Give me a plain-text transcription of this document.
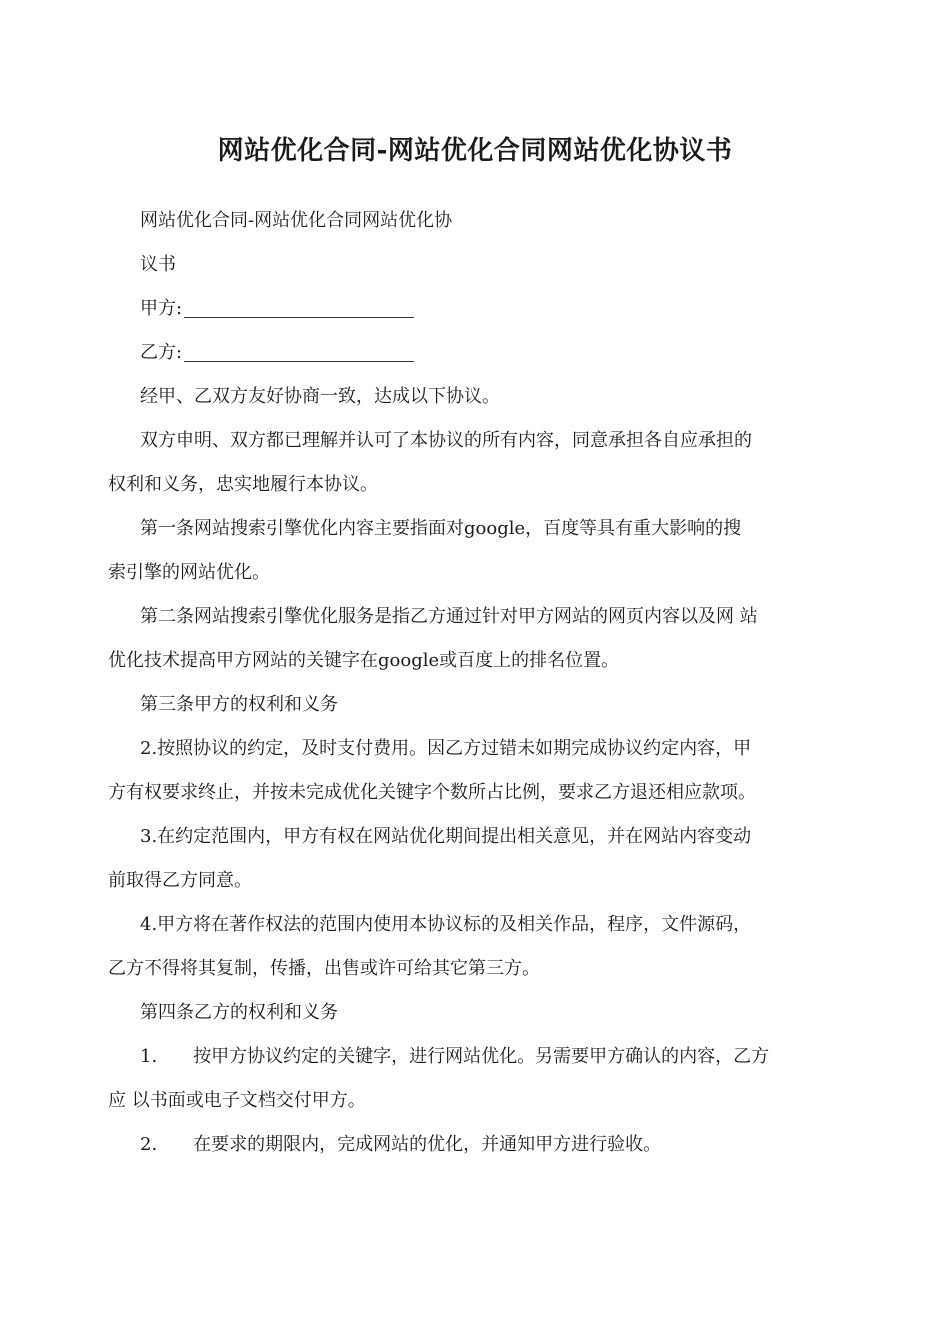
网站优化合同-网站优化合同网站优化协议书
网站优化合同-网站优化合同网站优化协
议书
甲方:
乙方:
经甲、乙双方友好协商一致，达成以下协议。
双方申明、双方都已理解并认可了本协议的所有内容，同意承担各自应承担的
权利和义务，忠实地履行本协议。
第一条网站搜索引擎优化内容主要指面对google，百度等具有重大影响的搜
索引擎的网站优化。
第二条网站搜索引擎优化服务是指乙方通过针对甲方网站的网页内容以及网 站
优化技术提高甲方网站的关键字在google或百度上的排名位置。
第三条甲方的权利和义务
2.按照协议的约定，及时支付费用。因乙方过错未如期完成协议约定内容，甲
方有权要求终止，并按未完成优化关键字个数所占比例，要求乙方退还相应款项。
3.在约定范围内，甲方有权在网站优化期间提出相关意见，并在网站内容变动
前取得乙方同意。
4.甲方将在著作权法的范围内使用本协议标的及相关作品，程序，文件源码，
乙方不得将其复制，传播，出售或许可给其它第三方。
第四条乙方的权利和义务
1. 按甲方协议约定的关键字，进行网站优化。另需要甲方确认的内容，乙方
应 以书面或电子文档交付甲方。
2. 在要求的期限内，完成网站的优化，并通知甲方进行验收。
